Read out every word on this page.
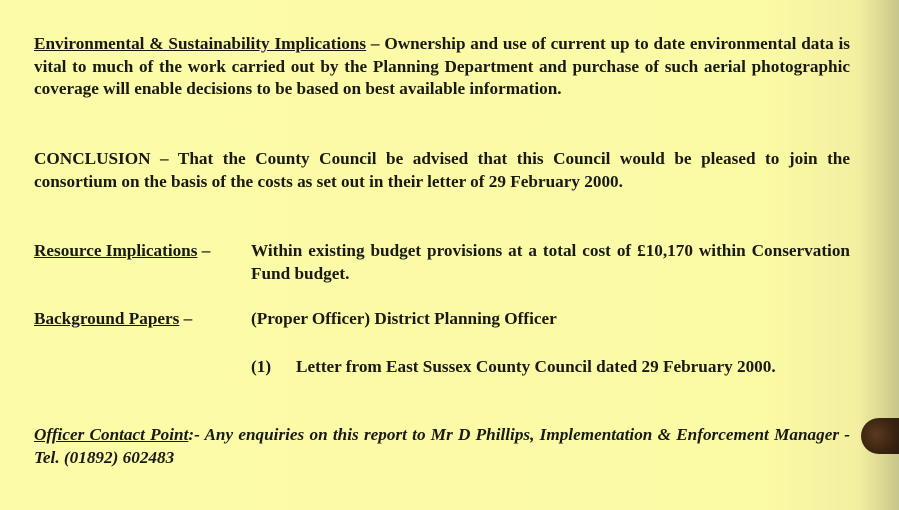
Environmental & Sustainability Implications – Ownership and use of current up to date environmental data is vital to much of the work carried out by the Planning Department and purchase of such aerial photographic coverage will enable decisions to be based on best available information.
CONCLUSION – That the County Council be advised that this Council would be pleased to join the consortium on the basis of the costs as set out in their letter of 29 February 2000.
Resource Implications – Within existing budget provisions at a total cost of £10,170 within Conservation Fund budget.
Background Papers –	(Proper Officer) District Planning Officer
(1) Letter from East Sussex County Council dated 29 February 2000.
Officer Contact Point:- Any enquiries on this report to Mr D Phillips, Implementation & Enforcement Manager - Tel. (01892) 602483
